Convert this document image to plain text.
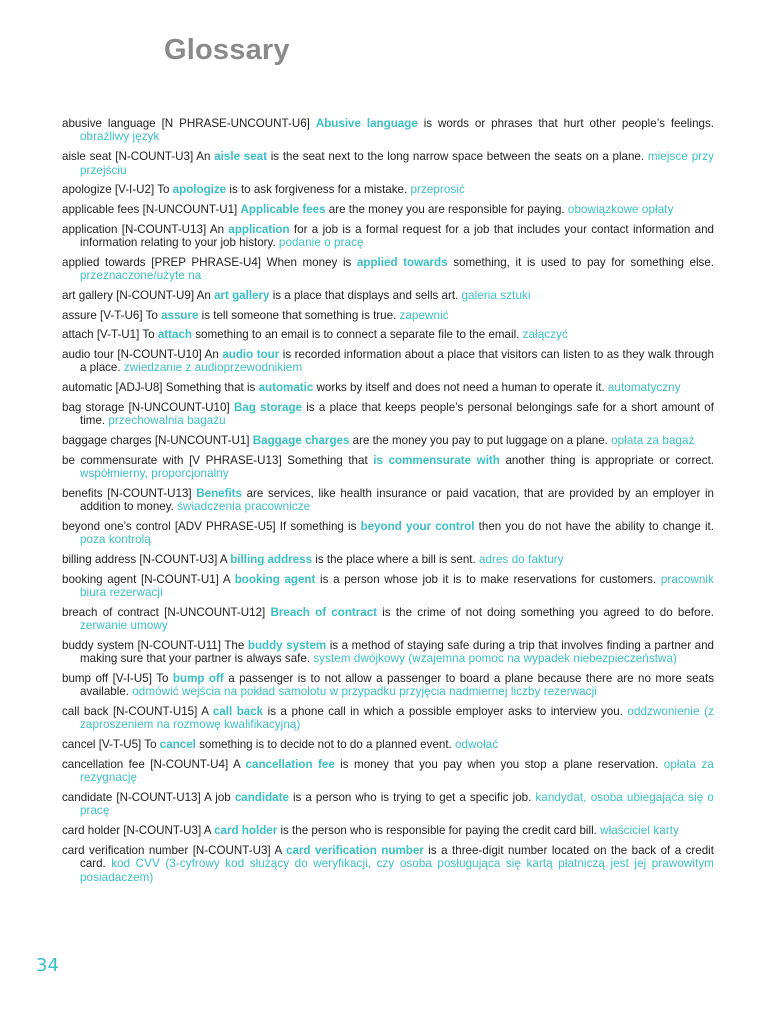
Glossary
abusive language [N PHRASE-UNCOUNT-U6] Abusive language is words or phrases that hurt other people’s feelings. obraźliwy język
aisle seat [N-COUNT-U3] An aisle seat is the seat next to the long narrow space between the seats on a plane. miejsce przy przejściu
apologize [V-I-U2] To apologize is to ask forgiveness for a mistake. przeprosić
applicable fees [N-UNCOUNT-U1] Applicable fees are the money you are responsible for paying. obowiązkowe opłaty
application [N-COUNT-U13] An application for a job is a formal request for a job that includes your contact information and information relating to your job history. podanie o pracę
applied towards [PREP PHRASE-U4] When money is applied towards something, it is used to pay for something else. przeznaczone/użyte na
art gallery [N-COUNT-U9] An art gallery is a place that displays and sells art. galeria sztuki
assure [V-T-U6] To assure is tell someone that something is true. zapewnić
attach [V-T-U1] To attach something to an email is to connect a separate file to the email. załączyć
audio tour [N-COUNT-U10] An audio tour is recorded information about a place that visitors can listen to as they walk through a place. zwiedzanie z audioprzewodnikiem
automatic [ADJ-U8] Something that is automatic works by itself and does not need a human to operate it. automatyczny
bag storage [N-UNCOUNT-U10] Bag storage is a place that keeps people’s personal belongings safe for a short amount of time. przechowalnia bagażu
baggage charges [N-UNCOUNT-U1] Baggage charges are the money you pay to put luggage on a plane. opłata za bagaż
be commensurate with [V PHRASE-U13] Something that is commensurate with another thing is appropriate or correct. współmierny, proporcjonalny
benefits [N-COUNT-U13] Benefits are services, like health insurance or paid vacation, that are provided by an employer in addition to money. świadczenia pracownicze
beyond one’s control [ADV PHRASE-U5] If something is beyond your control then you do not have the ability to change it. poza kontrolą
billing address [N-COUNT-U3] A billing address is the place where a bill is sent. adres do faktury
booking agent [N-COUNT-U1] A booking agent is a person whose job it is to make reservations for customers. pracownik biura rezerwacji
breach of contract [N-UNCOUNT-U12] Breach of contract is the crime of not doing something you agreed to do before. zerwanie umowy
buddy system [N-COUNT-U11] The buddy system is a method of staying safe during a trip that involves finding a partner and making sure that your partner is always safe. system dwójkowy (wzajemna pomoc na wypadek niebezpieczeństwa)
bump off [V-I-U5] To bump off a passenger is to not allow a passenger to board a plane because there are no more seats available. odmówić wejścia na pokład samolotu w przypadku przyjęcia nadmiernej liczby rezerwacji
call back [N-COUNT-U15] A call back is a phone call in which a possible employer asks to interview you. oddzwonienie (z zaproszeniem na rozmowę kwalifikacyjną)
cancel [V-T-U5] To cancel something is to decide not to do a planned event. odwołać
cancellation fee [N-COUNT-U4] A cancellation fee is money that you pay when you stop a plane reservation. opłata za rezygnację
candidate [N-COUNT-U13] A job candidate is a person who is trying to get a specific job. kandydat, osoba ubiegająca się o pracę
card holder [N-COUNT-U3] A card holder is the person who is responsible for paying the credit card bill. właściciel karty
card verification number [N-COUNT-U3] A card verification number is a three-digit number located on the back of a credit card. kod CVV (3-cyfrowy kod służący do weryfikacji, czy osoba posługująca się kartą płatniczą jest jej prawowitym posiadaczem)
34
